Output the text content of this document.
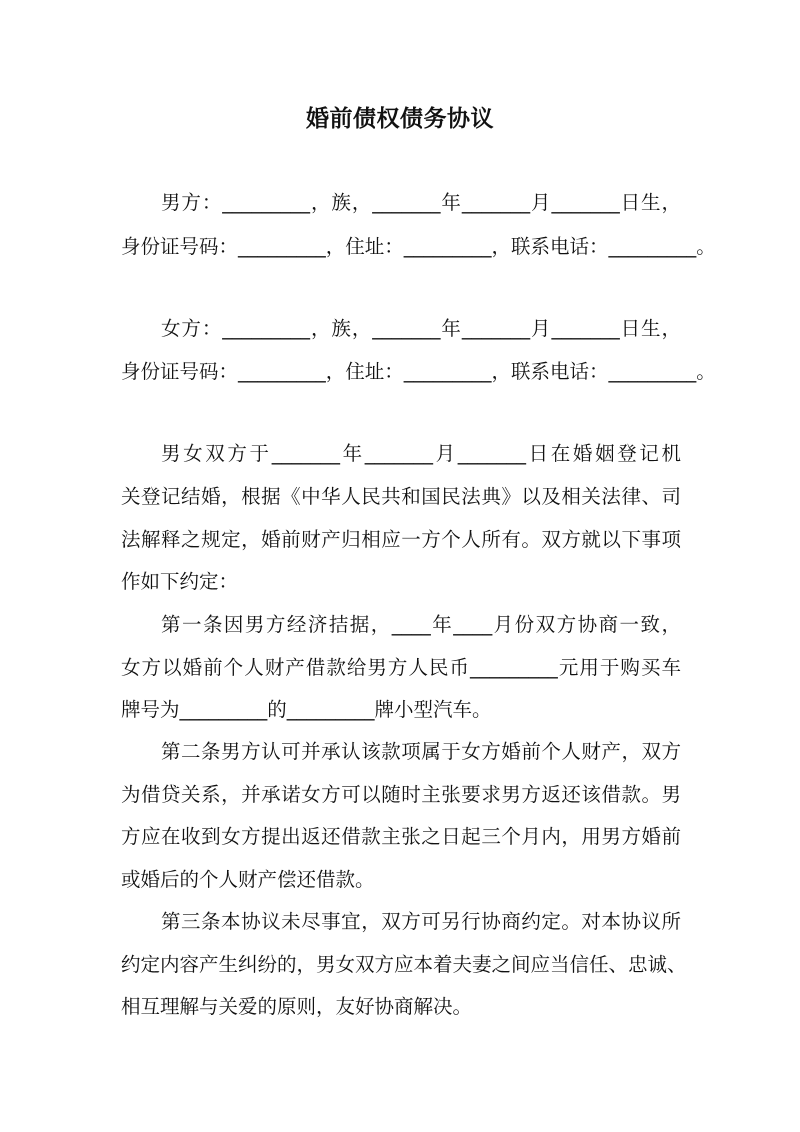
婚前债权债务协议
男方：_________，族，_______年_______月_______日生，
身份证号码：_________，住址：_________，联系电话：_________。
女方：_________，族，_______年_______月_______日生，
身份证号码：_________，住址：_________，联系电话：_________。
男女双方于_______年_______月_______日在婚姻登记机
关登记结婚，根据《中华人民共和国民法典》以及相关法律、司
法解释之规定，婚前财产归相应一方个人所有。双方就以下事项
作如下约定：
第一条因男方经济拮据，____年____月份双方协商一致，
女方以婚前个人财产借款给男方人民币_________元用于购买车
牌号为_________的_________牌小型汽车。
第二条男方认可并承认该款项属于女方婚前个人财产，双方
为借贷关系，并承诺女方可以随时主张要求男方返还该借款。男
方应在收到女方提出返还借款主张之日起三个月内，用男方婚前
或婚后的个人财产偿还借款。
第三条本协议未尽事宜，双方可另行协商约定。对本协议所
约定内容产生纠纷的，男女双方应本着夫妻之间应当信任、忠诚、
相互理解与关爱的原则，友好协商解决。
